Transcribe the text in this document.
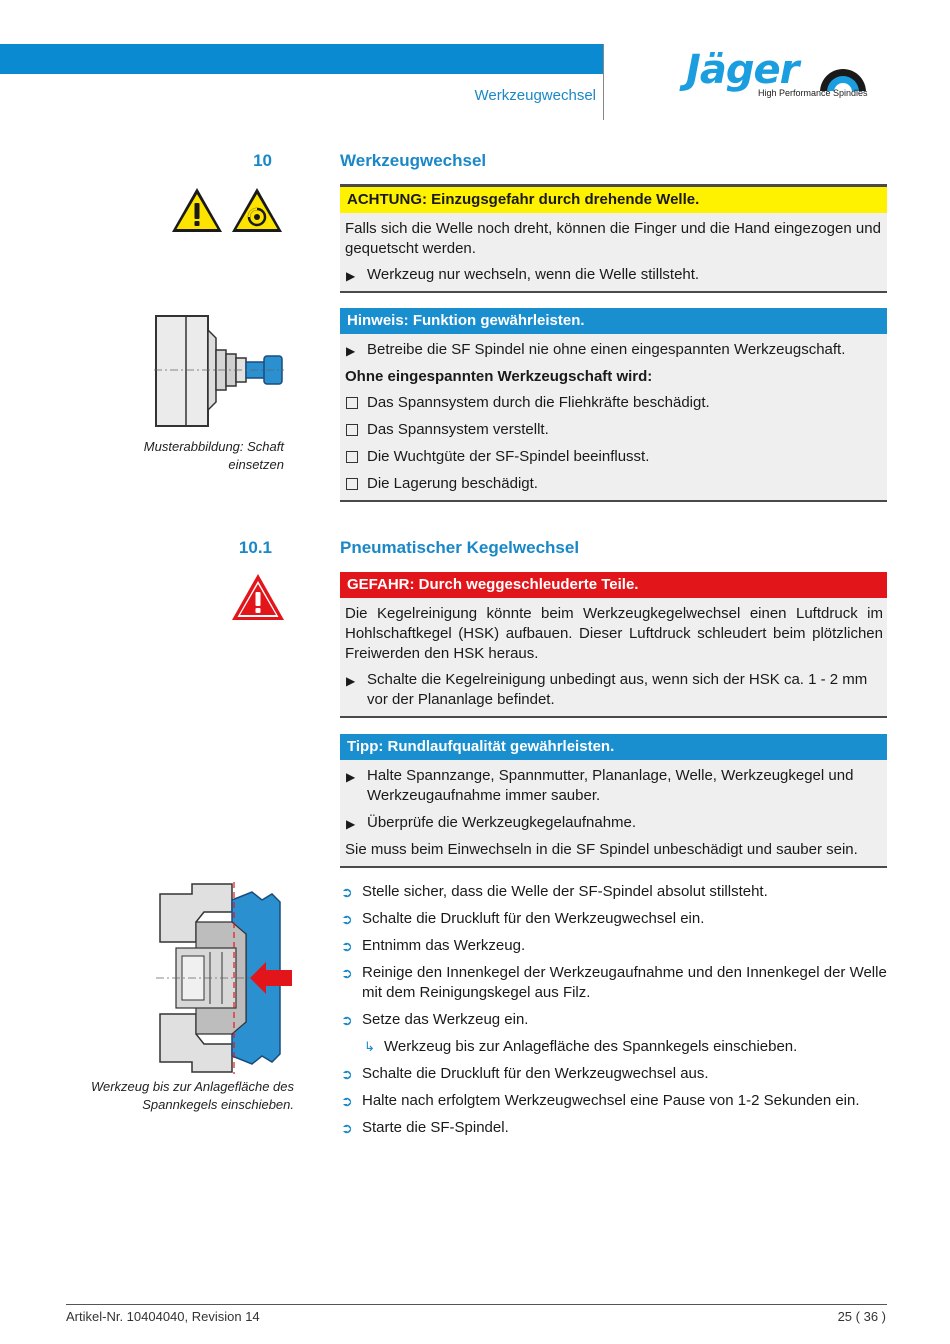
Werkzeugwechsel
Jäger
High Performance Spindles
10	Werkzeugwechsel
ACHTUNG: Einzugsgefahr durch drehende Welle.
Falls sich die Welle noch dreht, können die Finger und die Hand eingezogen und gequetscht werden.
▶ Werkzeug nur wechseln, wenn die Welle stillsteht.
Musterabbildung: Schaft einsetzen
Hinweis: Funktion gewährleisten.
▶ Betreibe die SF Spindel nie ohne einen eingespannten Werkzeugschaft.
Ohne eingespannten Werkzeugschaft wird:
Das Spannsystem durch die Fliehkräfte beschädigt.
Das Spannsystem verstellt.
Die Wuchtgüte der SF-Spindel beeinflusst.
Die Lagerung beschädigt.
10.1	Pneumatischer Kegelwechsel
GEFAHR: Durch weggeschleuderte Teile.
Die Kegelreinigung könnte beim Werkzeugkegelwechsel einen Luftdruck im Hohlschaftkegel (HSK) aufbauen. Dieser Luftdruck schleudert beim plötzlichen Freiwerden den HSK heraus.
▶ Schalte die Kegelreinigung unbedingt aus, wenn sich der HSK ca. 1 - 2 mm vor der Plananlage befindet.
Tipp: Rundlaufqualität gewährleisten.
▶ Halte Spannzange, Spannmutter, Plananlage, Welle, Werkzeugkegel und Werkzeugaufnahme immer sauber.
▶ Überprüfe die Werkzeugkegelaufnahme.
Sie muss beim Einwechseln in die SF Spindel unbeschädigt und sauber sein.
Werkzeug bis zur Anlagefläche des Spannkegels einschieben.
➲ Stelle sicher, dass die Welle der SF-Spindel absolut stillsteht.
➲ Schalte die Druckluft für den Werkzeugwechsel ein.
➲ Entnimm das Werkzeug.
➲ Reinige den Innenkegel der Werkzeugaufnahme und den Innenkegel der Welle mit dem Reinigungskegel aus Filz.
➲ Setze das Werkzeug ein.
↳ Werkzeug bis zur Anlagefläche des Spannkegels einschieben.
➲ Schalte die Druckluft für den Werkzeugwechsel aus.
➲ Halte nach erfolgtem Werkzeugwechsel eine Pause von 1-2 Sekunden ein.
➲ Starte die SF-Spindel.
Artikel-Nr. 10404040, Revision 14	25 ( 36 )
